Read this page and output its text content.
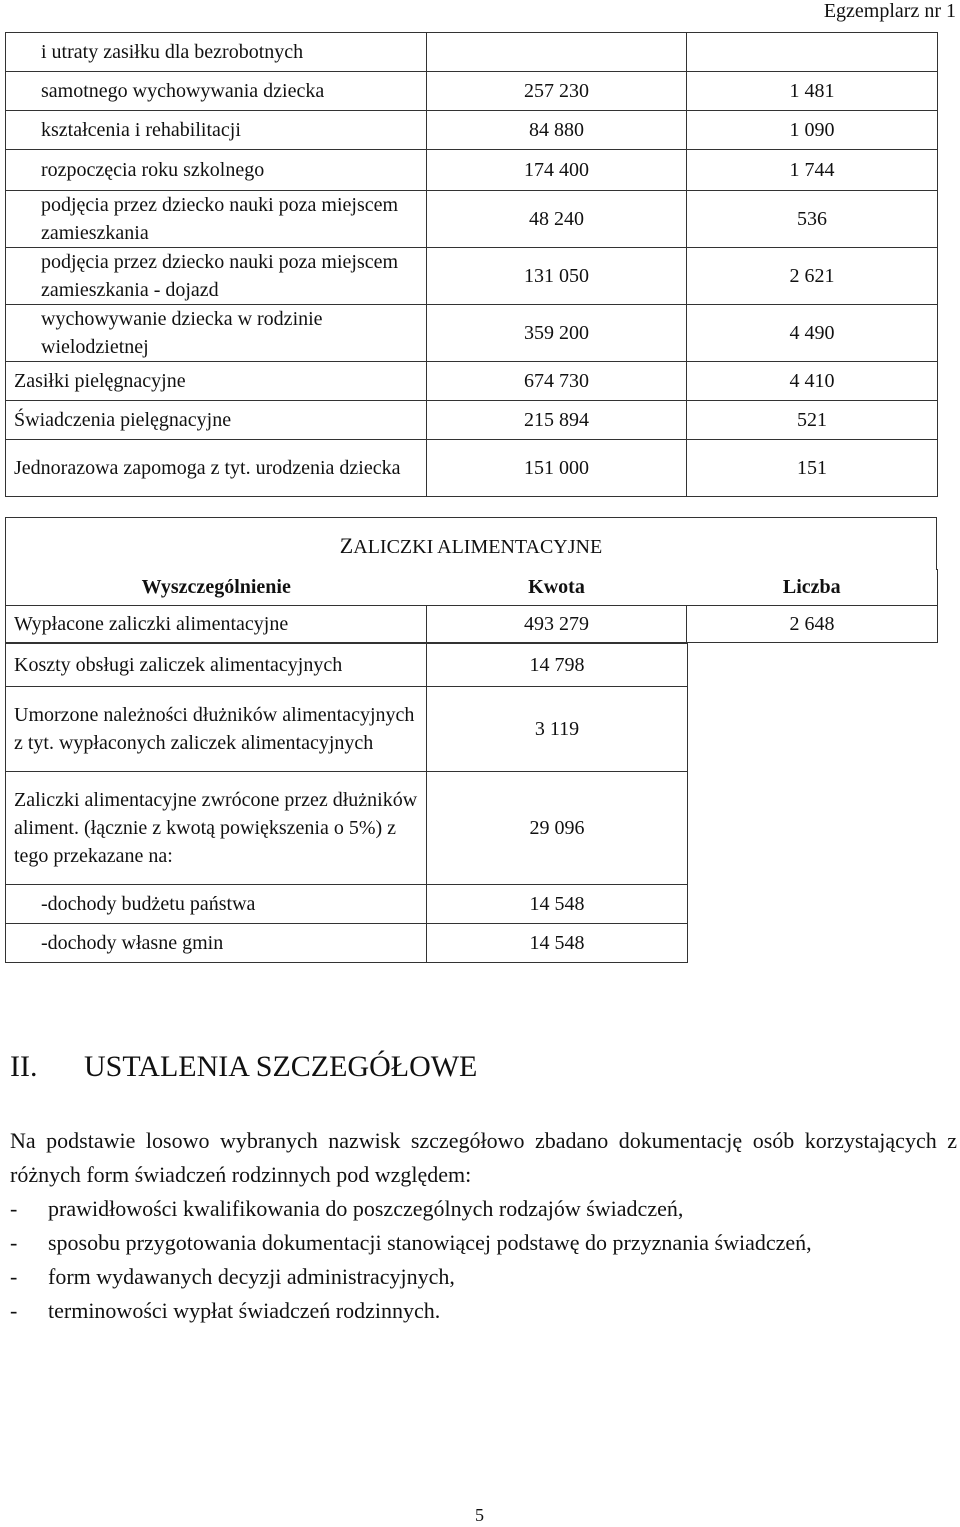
Egzemplarz nr 1
i utraty zasiłku dla bezrobotnych		
samotnego wychowywania dziecka	257 230	1 481
kształcenia i rehabilitacji	84 880	1 090
rozpoczęcia roku szkolnego	174 400	1 744
podjęcia przez dziecko nauki poza miejscem zamieszkania	48 240	536
podjęcia przez dziecko nauki poza miejscem zamieszkania - dojazd	131 050	2 621
wychowywanie dziecka w rodzinie wielodzietnej	359 200	4 490
Zasiłki pielęgnacyjne	674 730	4 410
Świadczenia pielęgnacyjne	215 894	521
Jednorazowa zapomoga z tyt. urodzenia dziecka	151 000	151
ZALICZKI ALIMENTACYJNE
Wyszczególnienie	Kwota	Liczba
Wypłacone zaliczki alimentacyjne	493 279	2 648
Koszty obsługi zaliczek alimentacyjnych	14 798
Umorzone należności dłużników alimentacyjnych z tyt. wypłaconych zaliczek alimentacyjnych	3 119
Zaliczki alimentacyjne zwrócone przez dłużników aliment. (łącznie z kwotą powiększenia o 5%) z tego przekazane na:	29 096
-dochody budżetu państwa	14 548
-dochody własne gmin	14 548
II. USTALENIA SZCZEGÓŁOWE

Na podstawie losowo wybranych nazwisk szczegółowo zbadano dokumentację osób korzystających z różnych form świadczeń rodzinnych pod względem:

-	prawidłowości kwalifikowania do poszczególnych rodzajów świadczeń,
-	sposobu przygotowania dokumentacji stanowiącej podstawę do przyznania świadczeń,
-	form wydawanych decyzji administracyjnych,
-	terminowości wypłat świadczeń rodzinnych.
5
